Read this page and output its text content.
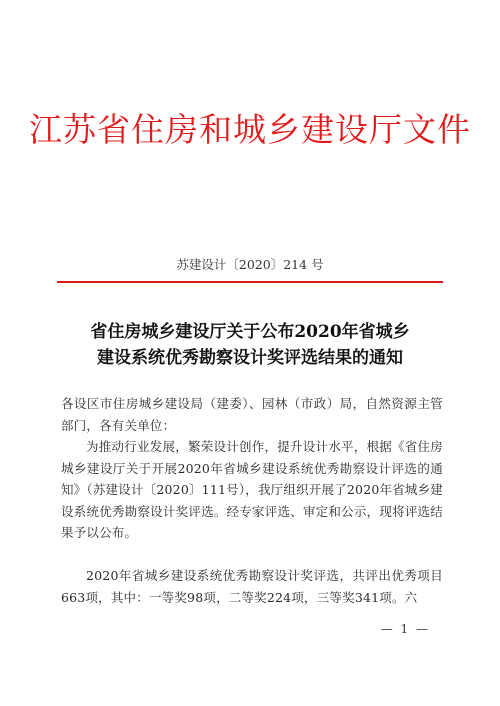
江苏省住房和城乡建设厅文件
苏建设计〔2020〕214 号
省住房城乡建设厅关于公布2020年省城乡
建设系统优秀勘察设计奖评选结果的通知
各设区市住房城乡建设局（建委）、园林（市政）局，自然资源主管部门，各有关单位：
为推动行业发展，繁荣设计创作，提升设计水平，根据《省住房城乡建设厅关于开展2020年省城乡建设系统优秀勘察设计评选的通知》（苏建设计〔2020〕111号），我厅组织开展了2020年省城乡建设系统优秀勘察设计奖评选。经专家评选、审定和公示，现将评选结果予以公布。
2020年省城乡建设系统优秀勘察设计奖评选，共评出优秀项目663项，其中：一等奖98项，二等奖224项，三等奖341项。六
— 1 —
